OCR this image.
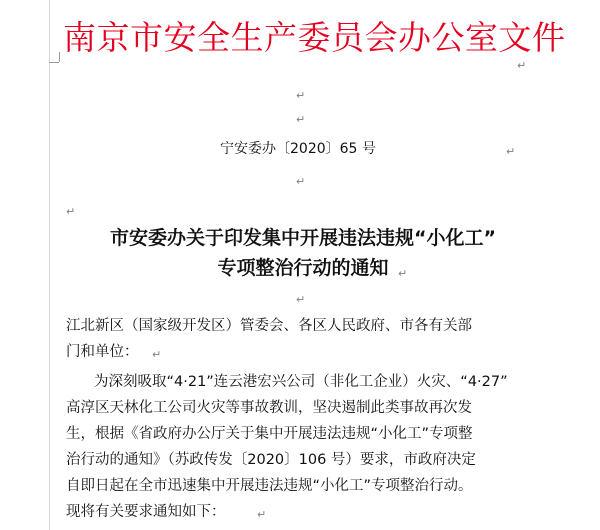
南京市安全生产委员会办公室文件
↵
↵
↵
宁安委办〔2020〕65 号	↵
↵
↵
市安委办关于印发集中开展违法违规“小化工”
专项整治行动的通知 ↵
↵
江北新区（国家级开发区）管委会、各区人民政府、市各有关部
门和单位： ↵
为深刻吸取“4·21”连云港宏兴公司（非化工企业）火灾、“4·27”
高淳区天林化工公司火灾等事故教训，坚决遏制此类事故再次发
生，根据《省政府办公厅关于集中开展违法违规“小化工”专项整
治行动的通知》（苏政传发〔2020〕106 号）要求，市政府决定
自即日起在全市迅速集中开展违法违规“小化工”专项整治行动。
现将有关要求通知如下：	↵
